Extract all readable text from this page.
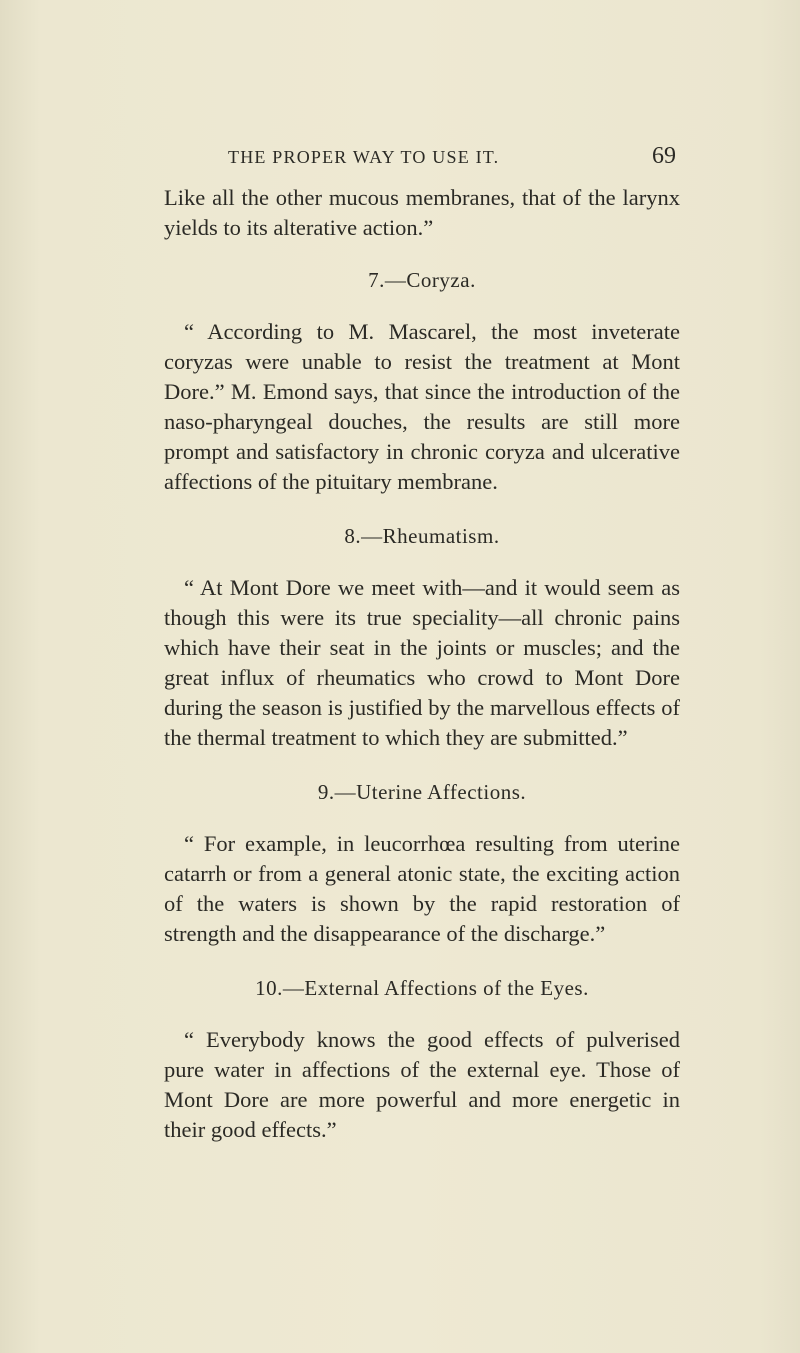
THE PROPER WAY TO USE IT.	69

Like all the other mucous membranes, that of the larynx yields to its alterative action.”

7.—Coryza.

“ According to M. Mascarel, the most inveterate coryzas were unable to resist the treatment at Mont Dore.” M. Emond says, that since the introduction of the naso-pharyngeal douches, the results are still more prompt and satisfactory in chronic coryza and ulcerative affections of the pituitary membrane.

8.—Rheumatism.

“ At Mont Dore we meet with—and it would seem as though this were its true speciality—all chronic pains which have their seat in the joints or muscles; and the great influx of rheumatics who crowd to Mont Dore during the season is justified by the marvellous effects of the thermal treatment to which they are submitted.”

9.—Uterine Affections.

“ For example, in leucorrhœa resulting from uterine catarrh or from a general atonic state, the exciting action of the waters is shown by the rapid restoration of strength and the disappearance of the discharge.”

10.—External Affections of the Eyes.

“ Everybody knows the good effects of pulverised pure water in affections of the external eye. Those of Mont Dore are more powerful and more energetic in their good effects.”
